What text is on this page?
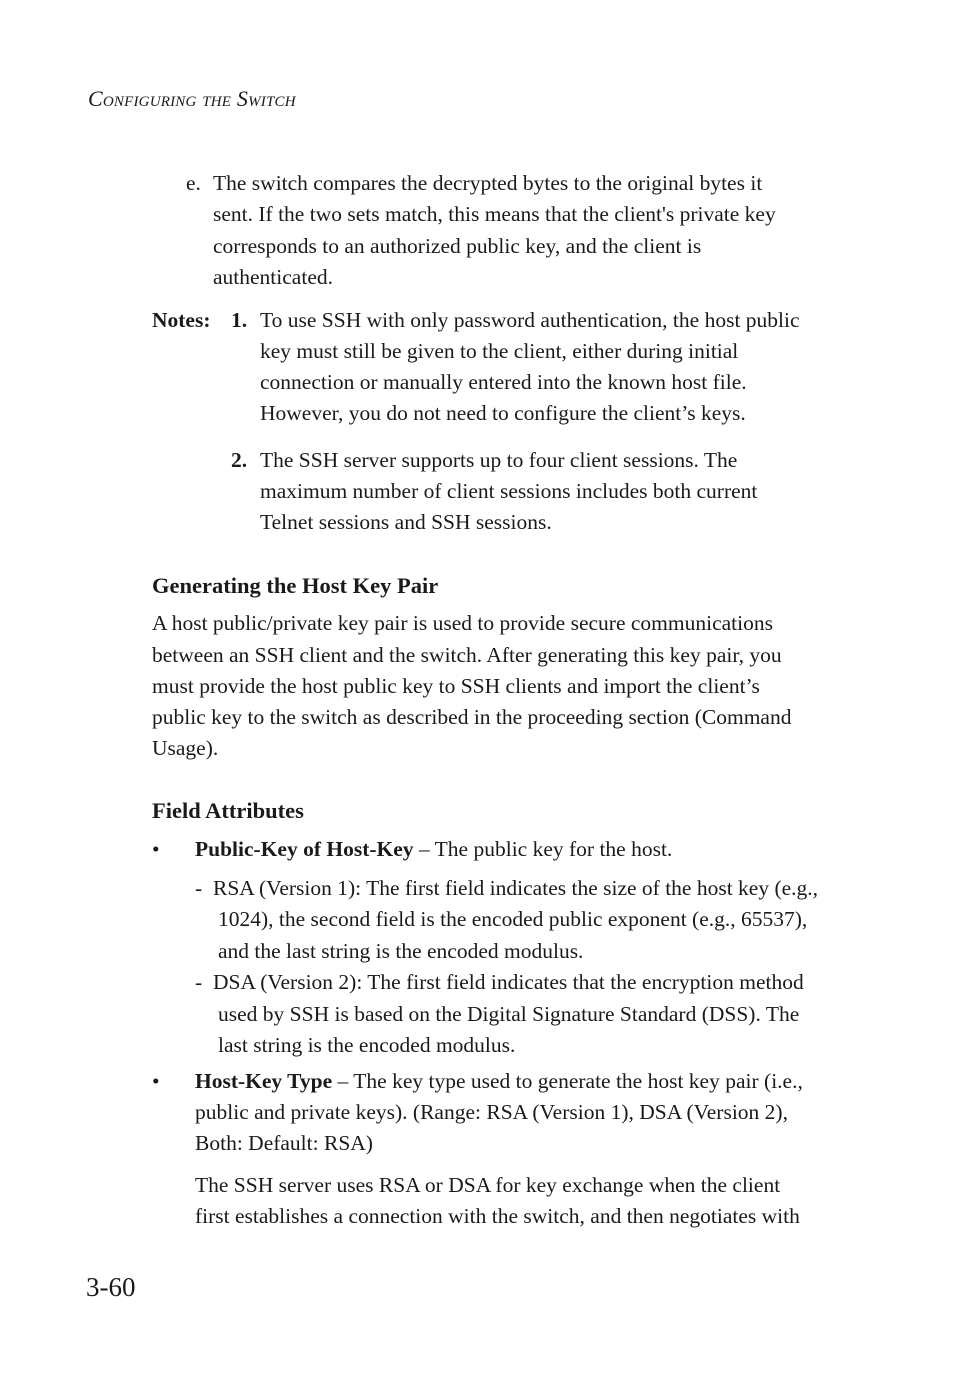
Configuring the Switch
e. The switch compares the decrypted bytes to the original bytes it
sent. If the two sets match, this means that the client's private key
corresponds to an authorized public key, and the client is
authenticated.
Notes: 1. To use SSH with only password authentication, the host public
key must still be given to the client, either during initial
connection or manually entered into the known host file.
However, you do not need to configure the client’s keys.
2. The SSH server supports up to four client sessions. The
maximum number of client sessions includes both current
Telnet sessions and SSH sessions.
Generating the Host Key Pair
A host public/private key pair is used to provide secure communications
between an SSH client and the switch. After generating this key pair, you
must provide the host public key to SSH clients and import the client’s
public key to the switch as described in the proceeding section (Command
Usage).
Field Attributes
• Public-Key of Host-Key – The public key for the host.
- RSA (Version 1): The first field indicates the size of the host key (e.g.,
1024), the second field is the encoded public exponent (e.g., 65537),
and the last string is the encoded modulus.
- DSA (Version 2): The first field indicates that the encryption method
used by SSH is based on the Digital Signature Standard (DSS). The
last string is the encoded modulus.
• Host-Key Type – The key type used to generate the host key pair (i.e.,
public and private keys). (Range: RSA (Version 1), DSA (Version 2),
Both: Default: RSA)
The SSH server uses RSA or DSA for key exchange when the client
first establishes a connection with the switch, and then negotiates with
3-60
